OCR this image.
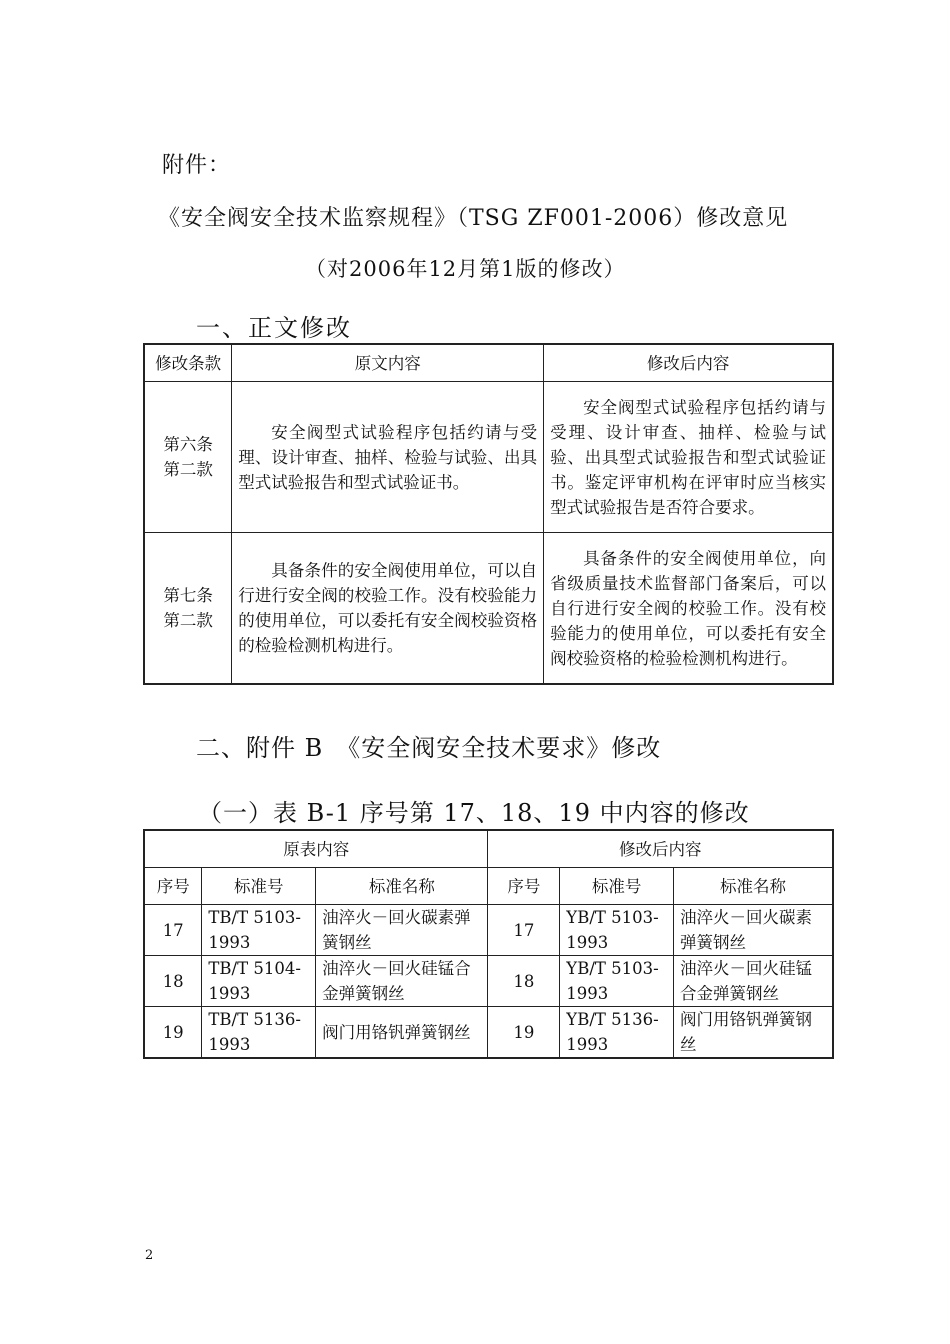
附件：
《安全阀安全技术监察规程》（TSG ZF001-2006）修改意见
（对2006年12月第1版的修改）
一、正文修改
修改条款	原文内容	修改后内容

第六条
第二款	安全阀型式试验程序包括约请与受理、设计审查、抽样、检验与试验、出具型式试验报告和型式试验证书。	安全阀型式试验程序包括约请与受理、设计审查、抽样、检验与试验、出具型式试验报告和型式试验证书。鉴定评审机构在评审时应当核实型式试验报告是否符合要求。

第七条
第二款	具备条件的安全阀使用单位，可以自行进行安全阀的校验工作。没有校验能力的使用单位，可以委托有安全阀校验资格的检验检测机构进行。	具备条件的安全阀使用单位，向省级质量技术监督部门备案后，可以自行进行安全阀的校验工作。没有校验能力的使用单位，可以委托有安全阀校验资格的检验检测机构进行。
二、附件 B　《安全阀安全技术要求》修改
（一）表 B-1 序号第 17、18、19 中内容的修改
原表内容			修改后内容		
序号	标准号	标准名称	序号	标准号	标准名称
17	TB/T 5103-1993	油淬火－回火碳素弹簧钢丝	17	YB/T 5103-1993	油淬火－回火碳素弹簧钢丝
18	TB/T 5104-1993	油淬火－回火硅锰合金弹簧钢丝	18	YB/T 5103-1993	油淬火－回火硅锰合金弹簧钢丝
19	TB/T 5136-1993	阀门用铬钒弹簧钢丝	19	YB/T 5136-1993	阀门用铬钒弹簧钢丝
2
